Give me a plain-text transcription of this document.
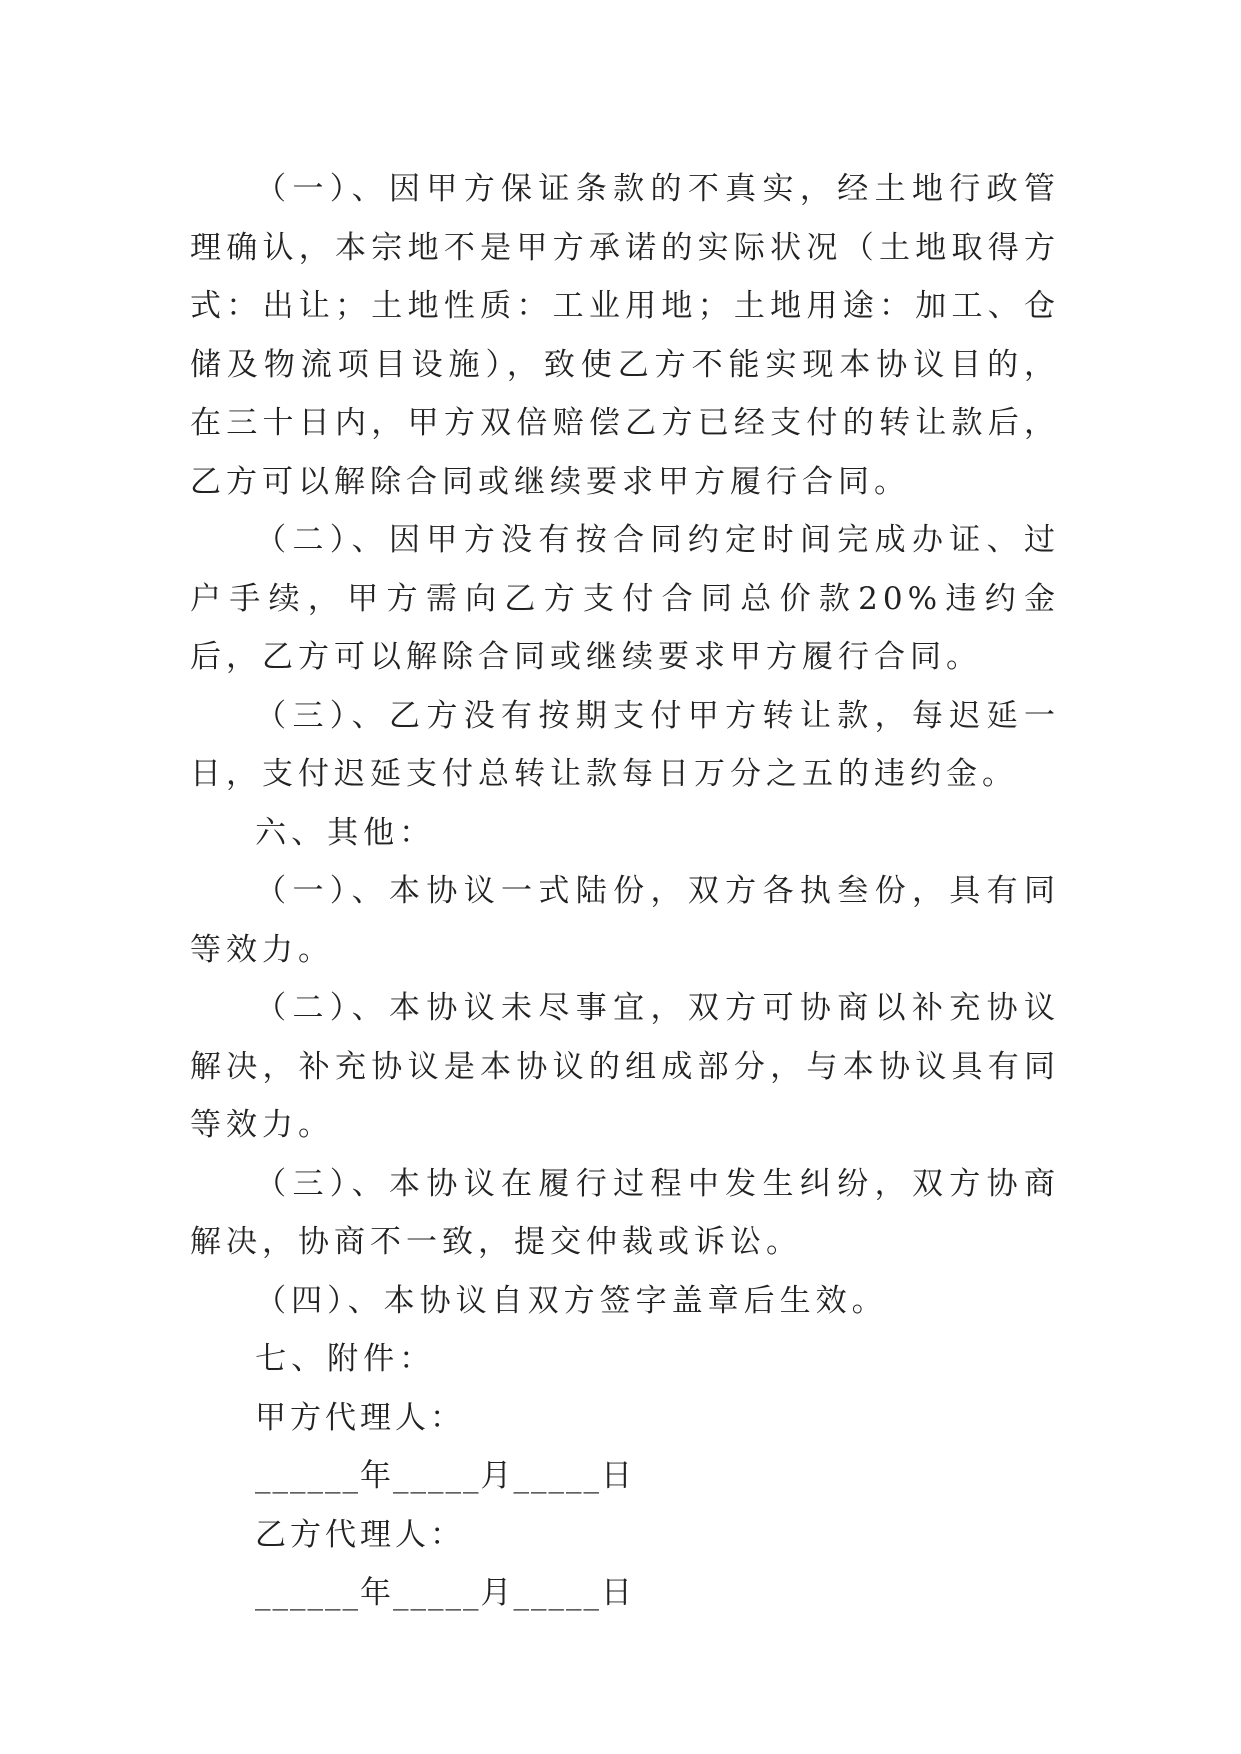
（一）、因甲方保证条款的不真实，经土地行政管理确认，本宗地不是甲方承诺的实际状况（土地取得方式：出让；土地性质：工业用地；土地用途：加工、仓储及物流项目设施），致使乙方不能实现本协议目的，在三十日内，甲方双倍赔偿乙方已经支付的转让款后，乙方可以解除合同或继续要求甲方履行合同。

（二）、因甲方没有按合同约定时间完成办证、过户手续，甲方需向乙方支付合同总价款20%违约金后，乙方可以解除合同或继续要求甲方履行合同。

（三）、乙方没有按期支付甲方转让款，每迟延一日，支付迟延支付总转让款每日万分之五的违约金。

六、其他：

（一）、本协议一式陆份，双方各执叁份，具有同等效力。

（二）、本协议未尽事宜，双方可协商以补充协议解决，补充协议是本协议的组成部分，与本协议具有同等效力。

（三）、本协议在履行过程中发生纠纷，双方协商解决，协商不一致，提交仲裁或诉讼。

（四）、本协议自双方签字盖章后生效。

七、附件：

甲方代理人：

______年_____月_____日

乙方代理人：

______年_____月_____日
